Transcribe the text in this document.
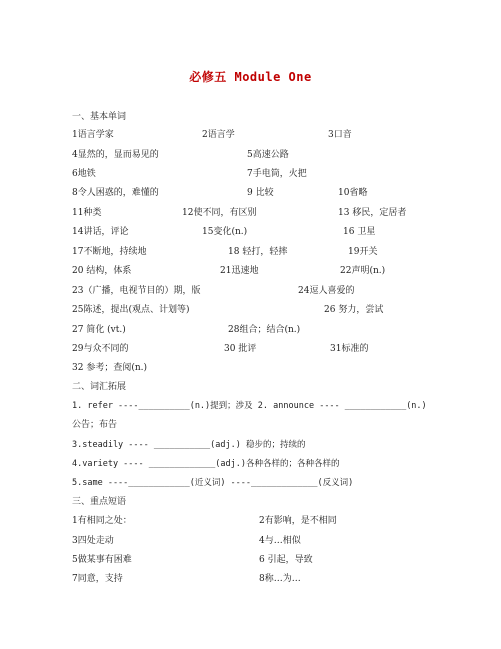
必修五 Module One
一、基本单词
1语言学家	2语言学	3口音
4显然的，显而易见的	5高速公路
6地铁	7手电筒，火把
8令人困惑的，难懂的	9 比较	10省略
11种类	12使不同，有区别	13 移民，定居者
14讲话，评论	15变化(n.)	16 卫星
17不断地，持续地	18 轻打，轻摔	19开关
20 结构，体系	21迅速地	22声明(n.)
23（广播，电视节目的）期，版	24逗人喜爱的
25陈述，提出(观点、计划等)	26 努力，尝试
27 简化 (vt.)	28组合；结合(n.)
29与众不同的	30 批评	31标准的
32 参考；查阅(n.)
二、词汇拓展
1. refer ----__________(n.)提到；涉及 2. announce ---- ____________(n.)
公告；布告
3.steadily ---- ___________(adj.) 稳步的；持续的
4.variety ---- _____________(adj.)各种各样的；各种各样的
5.same ----____________(近义词) ----_____________(反义词)
三、重点短语
1有相同之处：	2有影响，是不相同
3四处走动	4与…相似
5做某事有困难	6 引起，导致
7同意，支持	8称…为…
